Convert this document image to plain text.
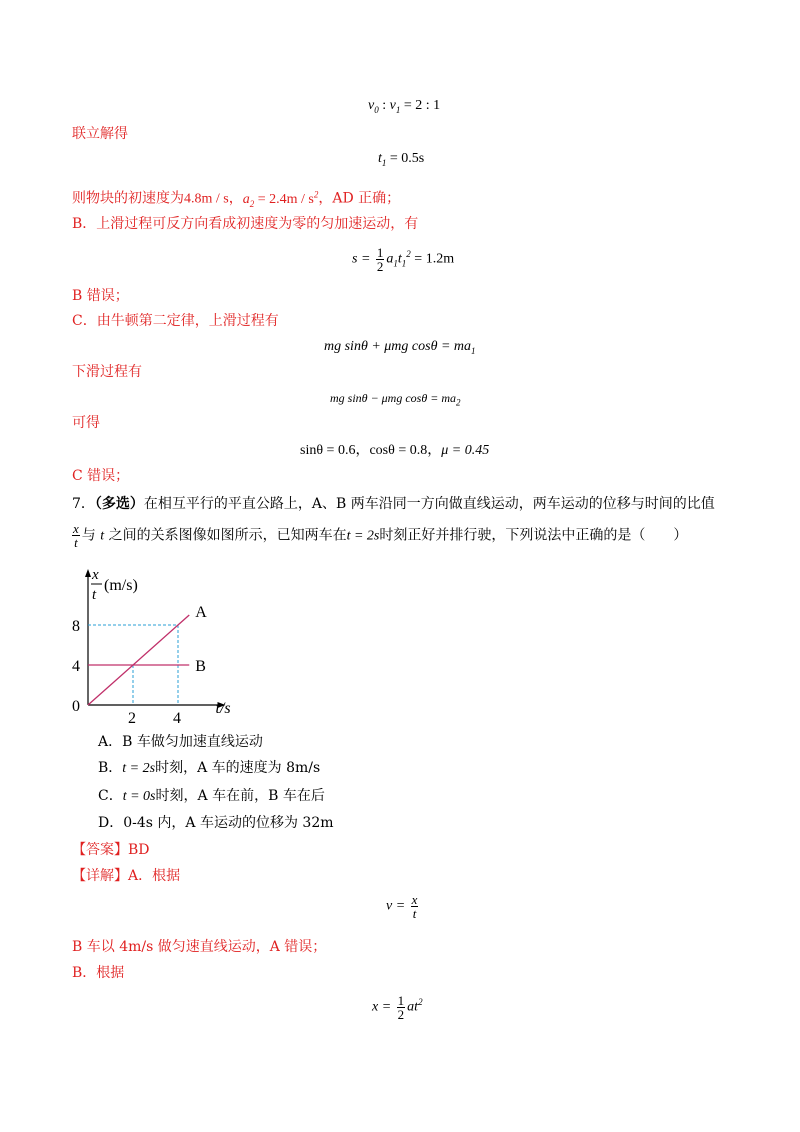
$v_0$ : $v_1 = 2$ : 1
联立解得
$t_1 = 0.5s$
则物块的初速度为4.8m / s，$a_2 = 2.4m / s^2$，AD 正确；
B．上滑过程可反方向看成初速度为零的匀加速运动，有
$s = \frac{1}{2} a_1t_1^2 = 1.2m$
B 错误；
C．由牛顿第二定律，上滑过程有
mg sinθ + μmg $\cos\theta = ma_1$
下滑过程有
mg sinθ − μmg $\cos\theta = ma_2$
可得
sinθ = 0.6，cosθ = 0.8，μ = 0.45
C 错误；
7．（多选）在相互平行的平直公路上，A、B 两车沿同一方向做直线运动，两车运动的位移与时间的比值
$\frac{x}{t}$ 与 t 之间的关系图像如图所示，已知两车在t = 2s时刻正好并排行驶，下列说法中正确的是（　　）
A
B
2 4
4
8
0	t/s
x
t
(m/s)
A．B 车做匀加速直线运动
B．t = 2s时刻，A 车的速度为 8m/s
C．t = 0s时刻，A 车在前，B 车在后
D．0-4s 内，A 车运动的位移为 32m
【答案】BD
【详解】A．根据
$v = \frac{x}{t}$
B 车以 4m/s 做匀速直线运动，A 错误；
B．根据
$x = \frac{1}{2} at^2$
